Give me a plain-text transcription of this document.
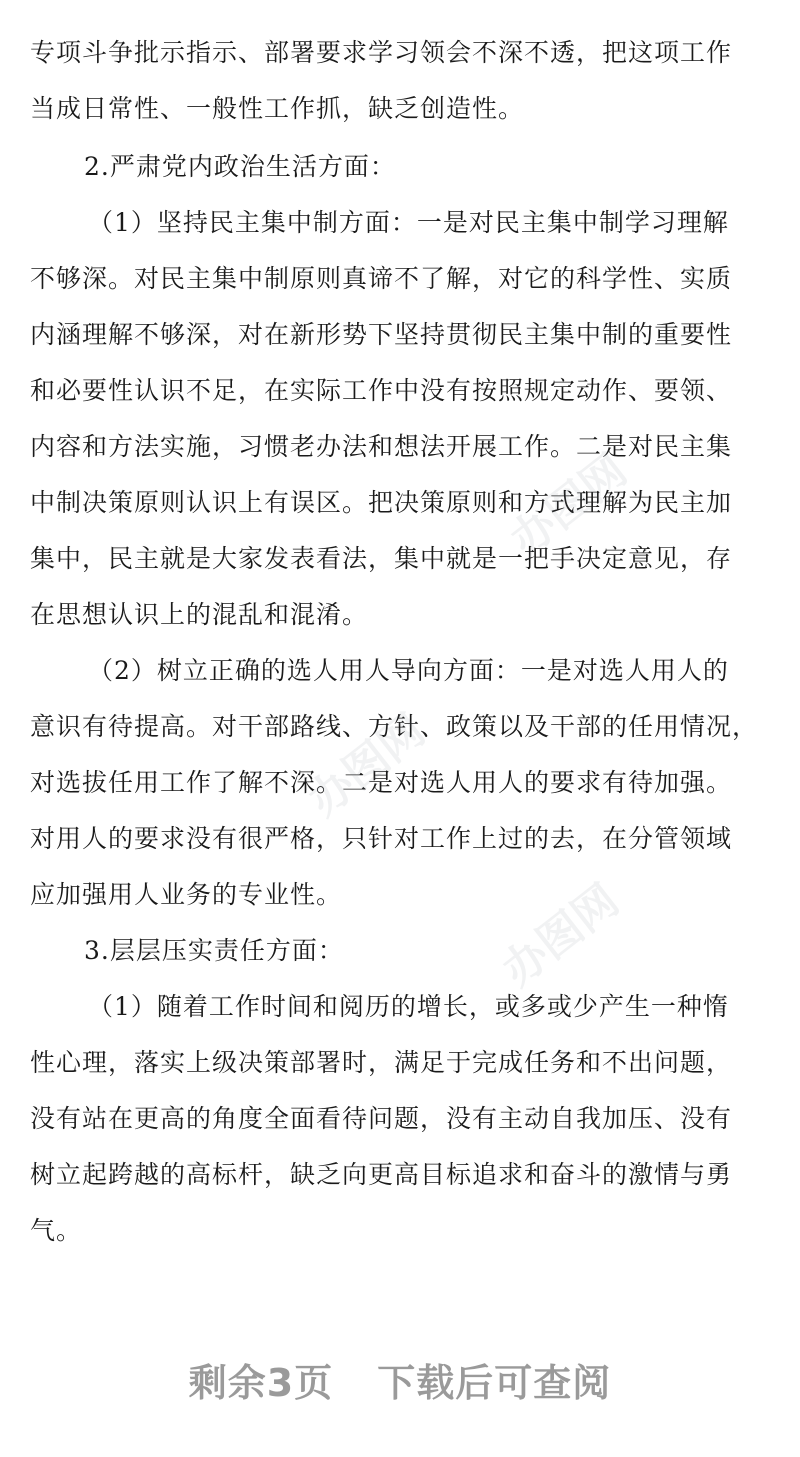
专项斗争批示指示、部署要求学习领会不深不透，把这项工作
当成日常性、一般性工作抓，缺乏创造性。
2.严肃党内政治生活方面：
（1）坚持民主集中制方面：一是对民主集中制学习理解
不够深。对民主集中制原则真谛不了解，对它的科学性、实质
内涵理解不够深，对在新形势下坚持贯彻民主集中制的重要性
和必要性认识不足，在实际工作中没有按照规定动作、要领、
内容和方法实施，习惯老办法和想法开展工作。二是对民主集
中制决策原则认识上有误区。把决策原则和方式理解为民主加
集中，民主就是大家发表看法，集中就是一把手决定意见，存
在思想认识上的混乱和混淆。
（2）树立正确的选人用人导向方面：一是对选人用人的
意识有待提高。对干部路线、方针、政策以及干部的任用情况，
对选拔任用工作了解不深。二是对选人用人的要求有待加强。
对用人的要求没有很严格，只针对工作上过的去，在分管领域
应加强用人业务的专业性。
3.层层压实责任方面：
（1）随着工作时间和阅历的增长，或多或少产生一种惰
性心理，落实上级决策部署时，满足于完成任务和不出问题，
没有站在更高的角度全面看待问题，没有主动自我加压、没有
树立起跨越的高标杆，缺乏向更高目标追求和奋斗的激情与勇
气。
办图网
办图网
办图网
剩余3页 下载后可查阅
